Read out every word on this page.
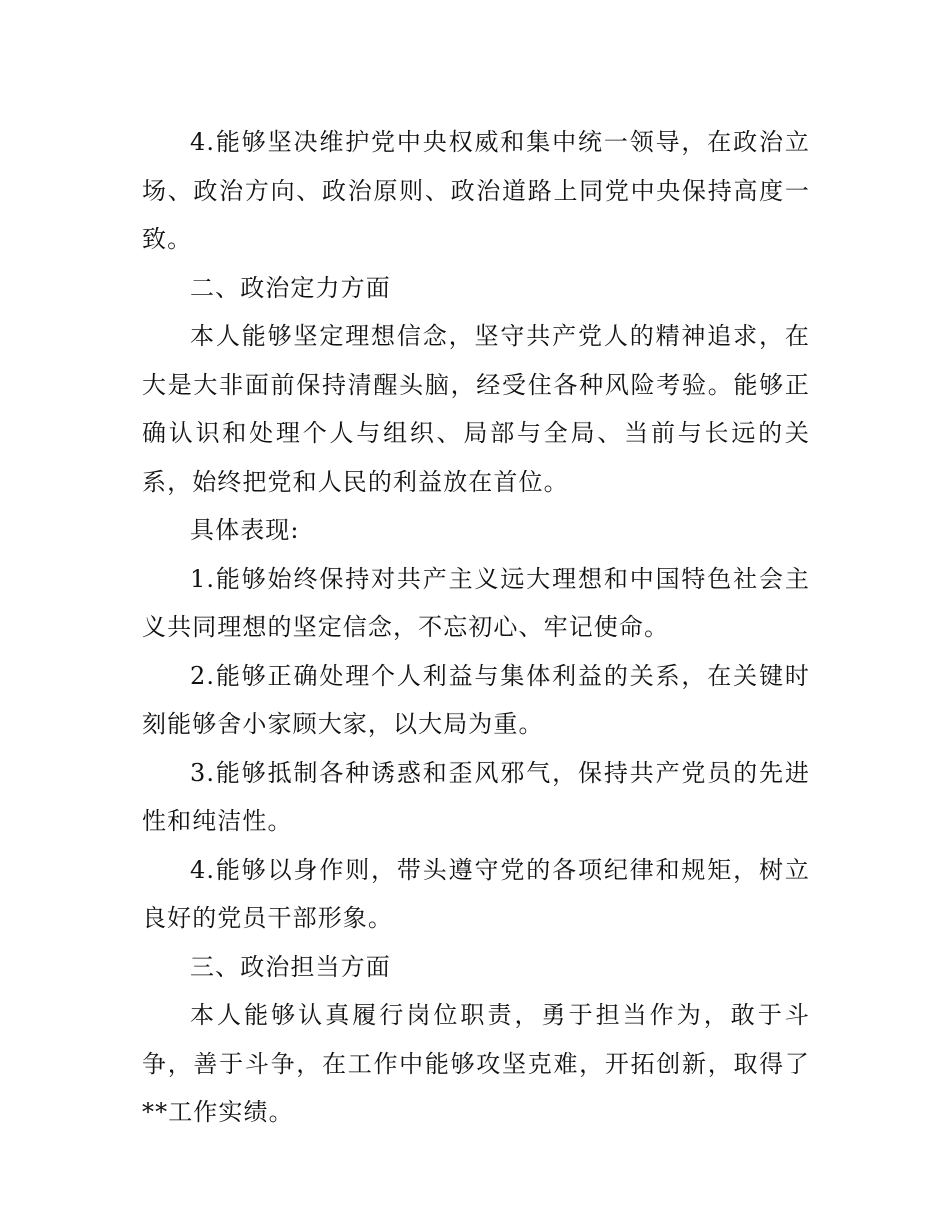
4.能够坚决维护党中央权威和集中统一领导，在政治立场、政治方向、政治原则、政治道路上同党中央保持高度一致。

二、政治定力方面

本人能够坚定理想信念，坚守共产党人的精神追求，在大是大非面前保持清醒头脑，经受住各种风险考验。能够正确认识和处理个人与组织、局部与全局、当前与长远的关系，始终把党和人民的利益放在首位。

具体表现:

1.能够始终保持对共产主义远大理想和中国特色社会主义共同理想的坚定信念，不忘初心、牢记使命。

2.能够正确处理个人利益与集体利益的关系，在关键时刻能够舍小家顾大家，以大局为重。

3.能够抵制各种诱惑和歪风邪气，保持共产党员的先进性和纯洁性。

4.能够以身作则，带头遵守党的各项纪律和规矩，树立良好的党员干部形象。

三、政治担当方面

本人能够认真履行岗位职责，勇于担当作为，敢于斗争，善于斗争，在工作中能够攻坚克难，开拓创新，取得了**工作实绩。
